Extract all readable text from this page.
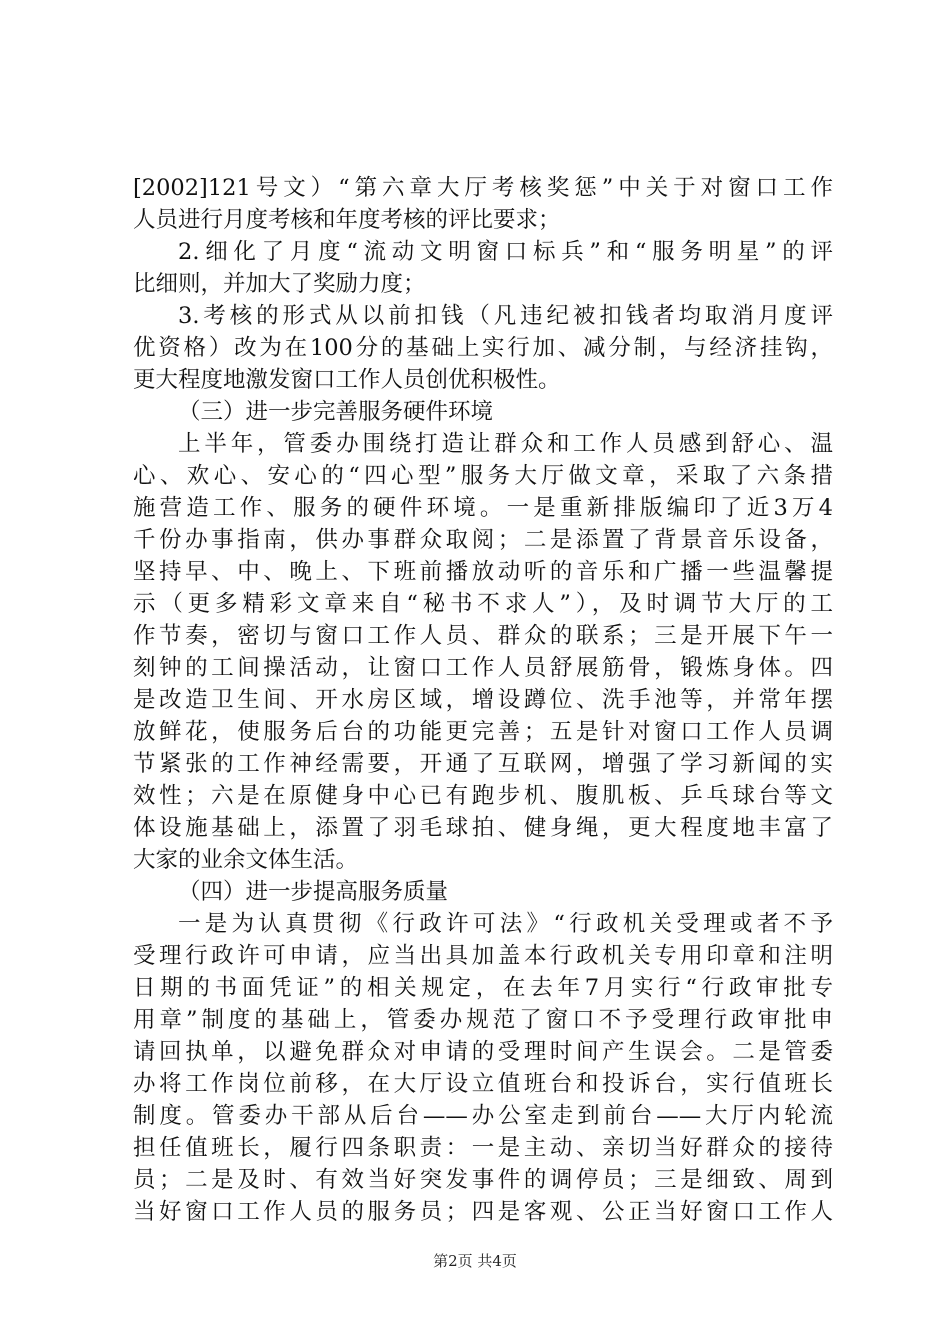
[2002]121号文）“第六章大厅考核奖惩”中关于对窗口工作
人员进行月度考核和年度考核的评比要求；
2.细化了月度“流动文明窗口标兵”和“服务明星”的评
比细则，并加大了奖励力度；
3.考核的形式从以前扣钱（凡违纪被扣钱者均取消月度评
优资格）改为在100分的基础上实行加、减分制，与经济挂钩，
更大程度地激发窗口工作人员创优积极性。
（三）进一步完善服务硬件环境
上半年，管委办围绕打造让群众和工作人员感到舒心、温
心、欢心、安心的“四心型”服务大厅做文章，采取了六条措
施营造工作、服务的硬件环境。一是重新排版编印了近3万4
千份办事指南，供办事群众取阅；二是添置了背景音乐设备，
坚持早、中、晚上、下班前播放动听的音乐和广播一些温馨提
示（更多精彩文章来自“秘书不求人”），及时调节大厅的工
作节奏，密切与窗口工作人员、群众的联系；三是开展下午一
刻钟的工间操活动，让窗口工作人员舒展筋骨，锻炼身体。四
是改造卫生间、开水房区域，增设蹲位、洗手池等，并常年摆
放鲜花，使服务后台的功能更完善；五是针对窗口工作人员调
节紧张的工作神经需要，开通了互联网，增强了学习新闻的实
效性；六是在原健身中心已有跑步机、腹肌板、乒乓球台等文
体设施基础上，添置了羽毛球拍、健身绳，更大程度地丰富了
大家的业余文体生活。
（四）进一步提高服务质量
一是为认真贯彻《行政许可法》“行政机关受理或者不予
受理行政许可申请，应当出具加盖本行政机关专用印章和注明
日期的书面凭证”的相关规定，在去年7月实行“行政审批专
用章”制度的基础上，管委办规范了窗口不予受理行政审批申
请回执单，以避免群众对申请的受理时间产生误会。二是管委
办将工作岗位前移，在大厅设立值班台和投诉台，实行值班长
制度。管委办干部从后台——办公室走到前台——大厅内轮流
担任值班长，履行四条职责：一是主动、亲切当好群众的接待
员；二是及时、有效当好突发事件的调停员；三是细致、周到
当好窗口工作人员的服务员；四是客观、公正当好窗口工作人
第2页 共4页
